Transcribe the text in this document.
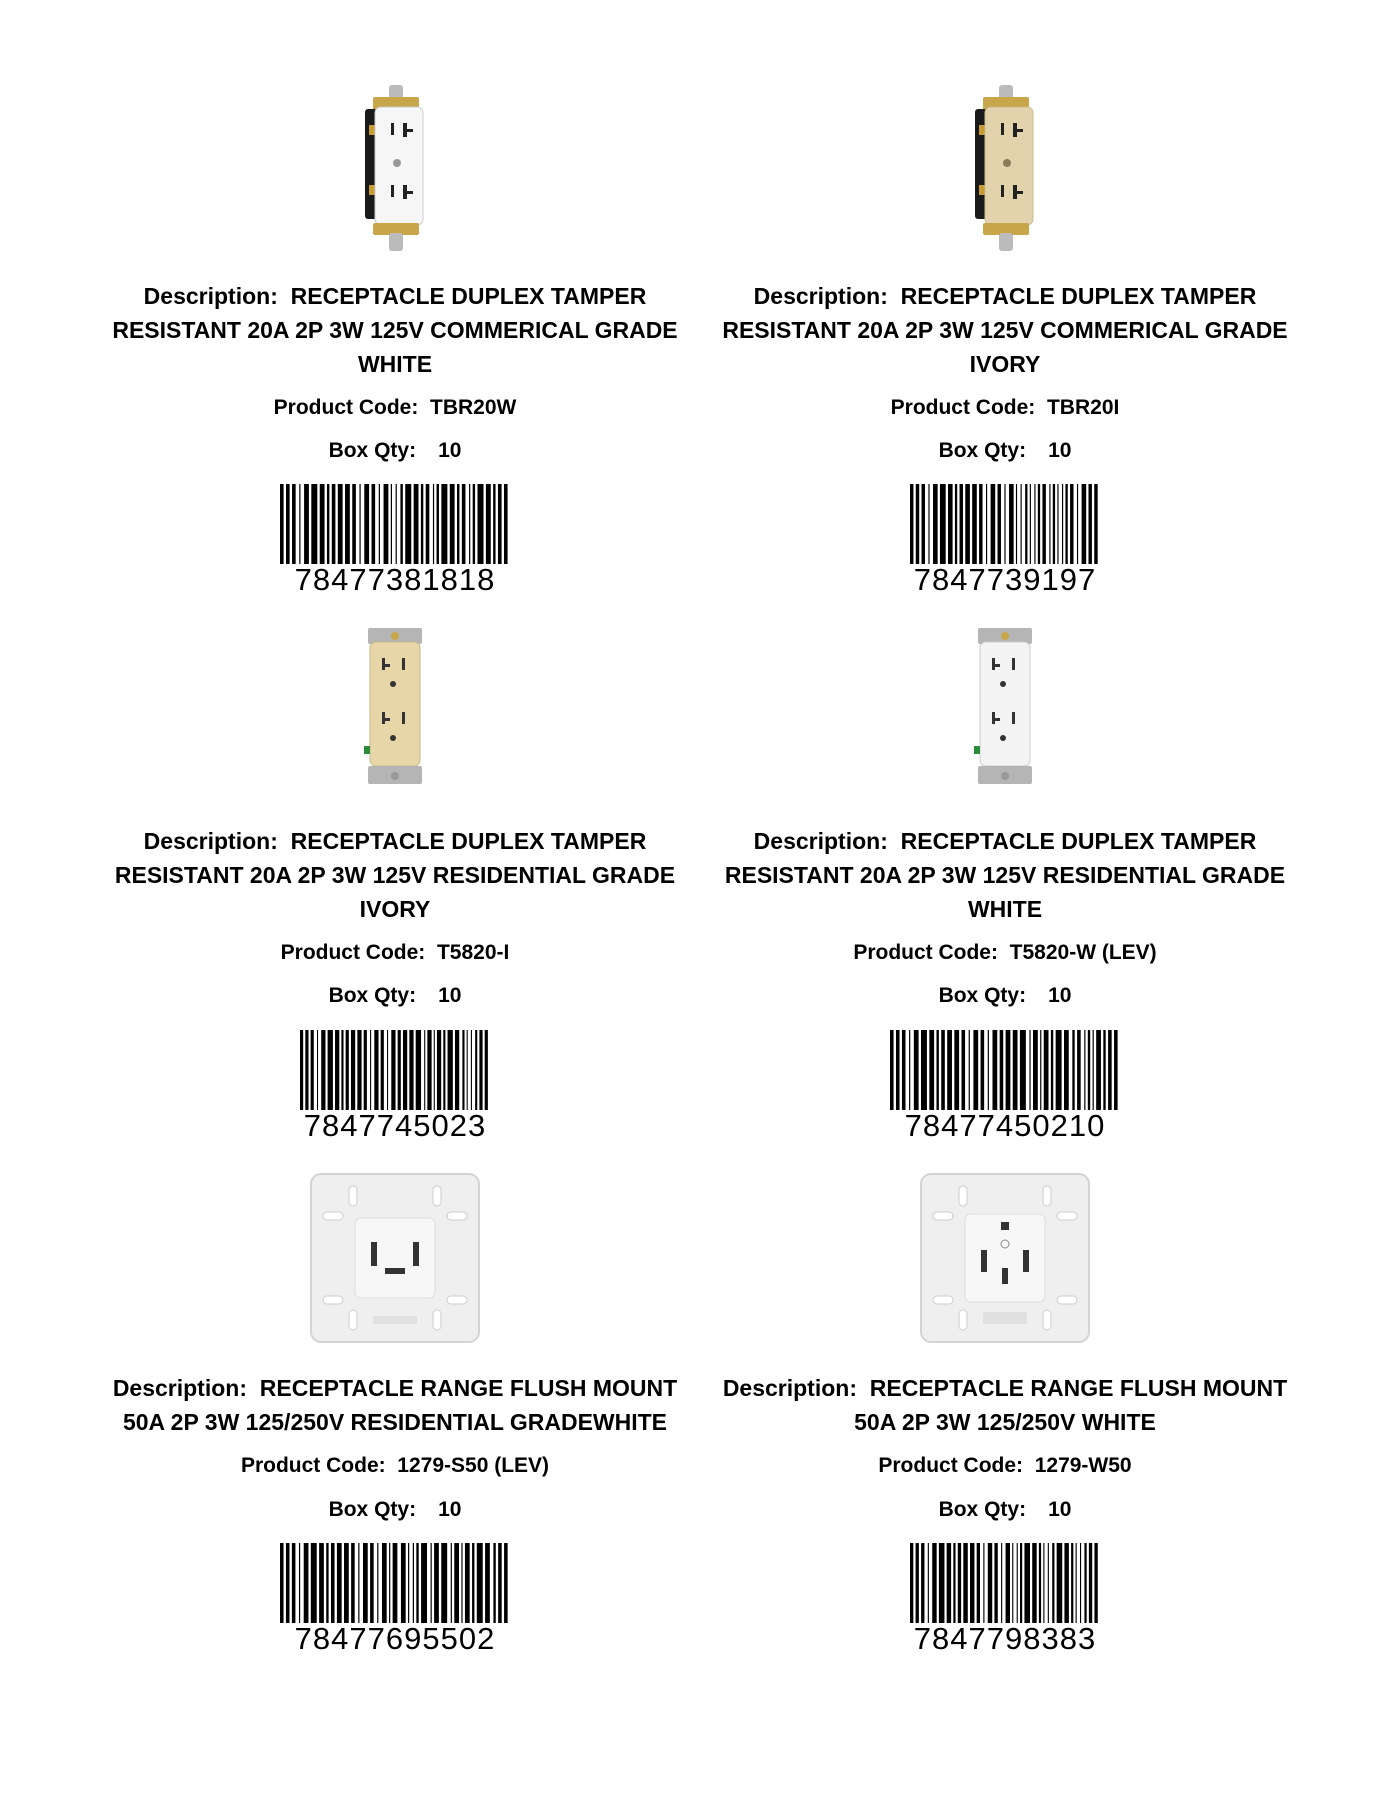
Description: RECEPTACLE DUPLEX TAMPER
RESISTANT 20A 2P 3W 125V COMMERICAL GRADE
WHITE
Product Code: TBR20W
Box Qty: 10
78477381818
Description: RECEPTACLE DUPLEX TAMPER
RESISTANT 20A 2P 3W 125V COMMERICAL GRADE
IVORY
Product Code: TBR20I
Box Qty: 10
7847739197
Description: RECEPTACLE DUPLEX TAMPER
RESISTANT 20A 2P 3W 125V RESIDENTIAL GRADE
IVORY
Product Code: T5820-I
Box Qty: 10
7847745023
Description: RECEPTACLE DUPLEX TAMPER
RESISTANT 20A 2P 3W 125V RESIDENTIAL GRADE
WHITE
Product Code: T5820-W (LEV)
Box Qty: 10
78477450210
Description: RECEPTACLE RANGE FLUSH MOUNT
50A 2P 3W 125/250V RESIDENTIAL GRADEWHITE
Product Code: 1279-S50 (LEV)
Box Qty: 10
78477695502
Description: RECEPTACLE RANGE FLUSH MOUNT
50A 2P 3W 125/250V WHITE
Product Code: 1279-W50
Box Qty: 10
7847798383
